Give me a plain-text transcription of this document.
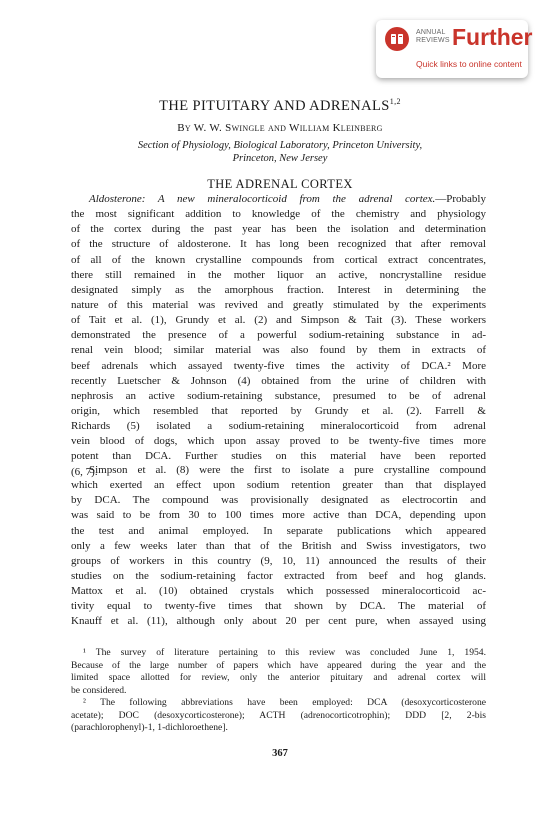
ANNUAL
REVIEWS Further
Quick links to online content
THE PITUITARY AND ADRENALS$^{1,2}$
By W. W. Swingle and William Kleinberg
Section of Physiology, Biological Laboratory, Princeton University,
Princeton, New Jersey
THE ADRENAL CORTEX
Aldosterone: A new mineralocorticoid from the adrenal cortex.—Probably
the most significant addition to knowledge of the chemistry and physiology
of the cortex during the past year has been the isolation and determination
of the structure of aldosterone. It has long been recognized that after removal
of all of the known crystalline compounds from cortical extract concentrates,
there still remained in the mother liquor an active, noncrystalline residue
designated simply as the amorphous fraction. Interest in determining the
nature of this material was revived and greatly stimulated by the experiments
of Tait et al. (1), Grundy et al. (2) and Simpson & Tait (3). These workers
demonstrated the presence of a powerful sodium-retaining substance in ad-
renal vein blood; similar material was also found by them in extracts of
beef adrenals which assayed twenty-five times the activity of DCA.² More
recently Luetscher & Johnson (4) obtained from the urine of children with
nephrosis an active sodium-retaining substance, presumed to be of adrenal
origin, which resembled that reported by Grundy et al. (2). Farrell &
Richards (5) isolated a sodium-retaining mineralocorticoid from adrenal
vein blood of dogs, which upon assay proved to be twenty-five times more
potent than DCA. Further studies on this material have been reported
(6, 7).
Simpson et al. (8) were the first to isolate a pure crystalline compound
which exerted an effect upon sodium retention greater than that displayed
by DCA. The compound was provisionally designated as electrocortin and
was said to be from 30 to 100 times more active than DCA, depending upon
the test and animal employed. In separate publications which appeared
only a few weeks later than that of the British and Swiss investigators, two
groups of workers in this country (9, 10, 11) announced the results of their
studies on the sodium-retaining factor extracted from beef and hog glands.
Mattox et al. (10) obtained crystals which possessed mineralocorticoid ac-
tivity equal to twenty-five times that shown by DCA. The material of
Knauff et al. (11), although only about 20 per cent pure, when assayed using
¹ The survey of literature pertaining to this review was concluded June 1, 1954.
Because of the large number of papers which have appeared during the year and the
limited space allotted for review, only the anterior pituitary and adrenal cortex will
be considered.
² The following abbreviations have been employed: DCA (desoxycorticosterone
acetate); DOC (desoxycorticosterone); ACTH (adrenocorticotrophin); DDD [2, 2-bis
(parachlorophenyl)-1, 1-dichloroethene].
367
